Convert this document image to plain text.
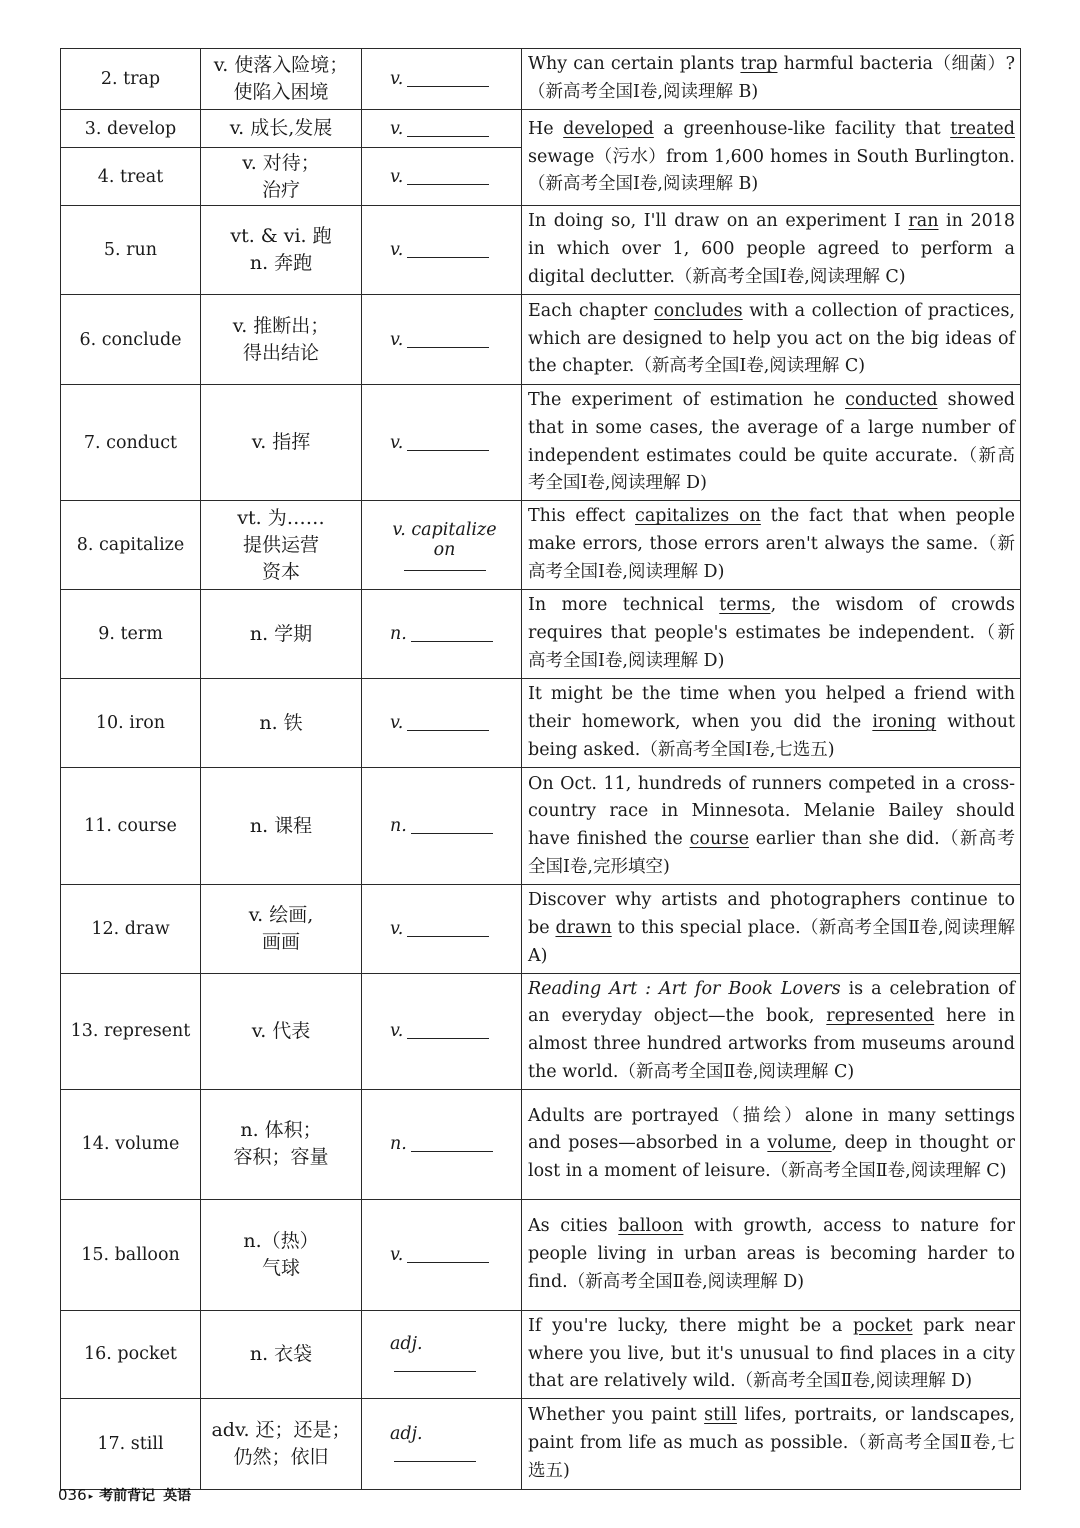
2. trap	v. 使落入险境；
使陷入困境	v.	Why can certain plants trap harmful bacteria（细菌）?（新高考全国Ⅰ卷,阅读理解 B)
3. develop	v. 成长,发展	v.	He developed a greenhouse-like facility that treated sewage（污水）from 1,600 homes in South Burlington.（新高考全国Ⅰ卷,阅读理解 B)
4. treat	v. 对待；
治疗	v.	
5. run	vt. & vi. 跑
n. 奔跑	v.	In doing so, I'll draw on an experiment I ran in 2018 in which over 1, 600 people agreed to perform a digital declutter.（新高考全国Ⅰ卷,阅读理解 C)
6. conclude	v. 推断出；
得出结论	v.	Each chapter concludes with a collection of practices, which are designed to help you act on the big ideas of the chapter.（新高考全国Ⅰ卷,阅读理解 C)
7. conduct	v. 指挥	v.	The experiment of estimation he conducted showed that in some cases, the average of a large number of independent estimates could be quite accurate.（新高考全国Ⅰ卷,阅读理解 D)
8. capitalize	vt. 为……
提供运营
资本	v. capitalize on	This effect capitalizes on the fact that when people make errors, those errors aren't always the same.（新高考全国Ⅰ卷,阅读理解 D)
9. term	n. 学期	n.	In more technical terms, the wisdom of crowds requires that people's estimates be independent.（新高考全国Ⅰ卷,阅读理解 D)
10. iron	n. 铁	v.	It might be the time when you helped a friend with their homework, when you did the ironing without being asked.（新高考全国Ⅰ卷,七选五)
11. course	n. 课程	n.	On Oct. 11, hundreds of runners competed in a cross-country race in Minnesota. Melanie Bailey should have finished the course earlier than she did.（新高考全国Ⅰ卷,完形填空)
12. draw	v. 绘画,
画画	v.	Discover why artists and photographers continue to be drawn to this special place.（新高考全国Ⅱ卷,阅读理解 A)
13. represent	v. 代表	v.	Reading Art : Art for Book Lovers is a celebration of an everyday object—the book, represented here in almost three hundred artworks from museums around the world.（新高考全国Ⅱ卷,阅读理解 C)
14. volume	n. 体积；
容积；容量	n.	Adults are portrayed（描绘）alone in many settings and poses—absorbed in a volume, deep in thought or lost in a moment of leisure.（新高考全国Ⅱ卷,阅读理解 C)
15. balloon	n.（热）
气球	v.	As cities balloon with growth, access to nature for people living in urban areas is becoming harder to find.（新高考全国Ⅱ卷,阅读理解 D)
16. pocket	n. 衣袋	adj.	If you're lucky, there might be a pocket park near where you live, but it's unusual to find places in a city that are relatively wild.（新高考全国Ⅱ卷,阅读理解 D)
17. still	adv. 还；还是；
仍然；依旧	adj.	Whether you paint still lifes, portraits, or landscapes, paint from life as much as possible.（新高考全国Ⅱ卷,七选五)
036 ▸ 考前背记 英语
